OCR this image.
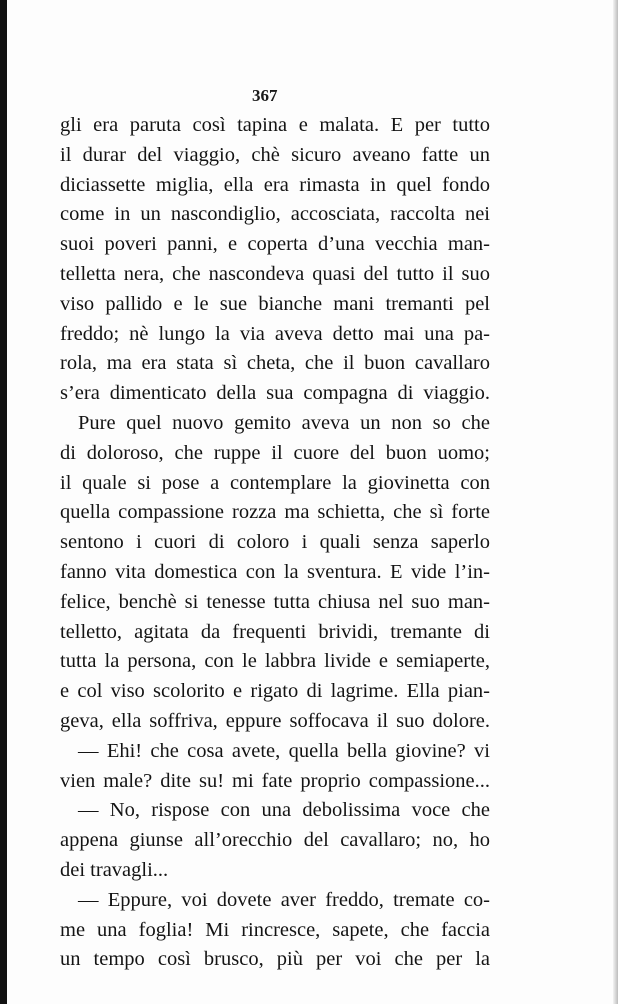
367
gli era paruta così tapina e malata. E per tutto
il durar del viaggio, chè sicuro aveano fatte un
diciassette miglia, ella era rimasta in quel fondo
come in un nascondiglio, accosciata, raccolta nei
suoi poveri panni, e coperta d’una vecchia man-
telletta nera, che nascondeva quasi del tutto il suo
viso pallido e le sue bianche mani tremanti pel
freddo; nè lungo la via aveva detto mai una pa-
rola, ma era stata sì cheta, che il buon cavallaro
s’era dimenticato della sua compagna di viaggio.
Pure quel nuovo gemito aveva un non so che
di doloroso, che ruppe il cuore del buon uomo;
il quale si pose a contemplare la giovinetta con
quella compassione rozza ma schietta, che sì forte
sentono i cuori di coloro i quali senza saperlo
fanno vita domestica con la sventura. E vide l’in-
felice, benchè si tenesse tutta chiusa nel suo man-
telletto, agitata da frequenti brividi, tremante di
tutta la persona, con le labbra livide e semiaperte,
e col viso scolorito e rigato di lagrime. Ella pian-
geva, ella soffriva, eppure soffocava il suo dolore.
— Ehi! che cosa avete, quella bella giovine? vi
vien male? dite su! mi fate proprio compassione...
— No, rispose con una debolissima voce che
appena giunse all’orecchio del cavallaro; no, ho
dei travagli...
— Eppure, voi dovete aver freddo, tremate co-
me una foglia! Mi rincresce, sapete, che faccia
un tempo così brusco, più per voi che per la
